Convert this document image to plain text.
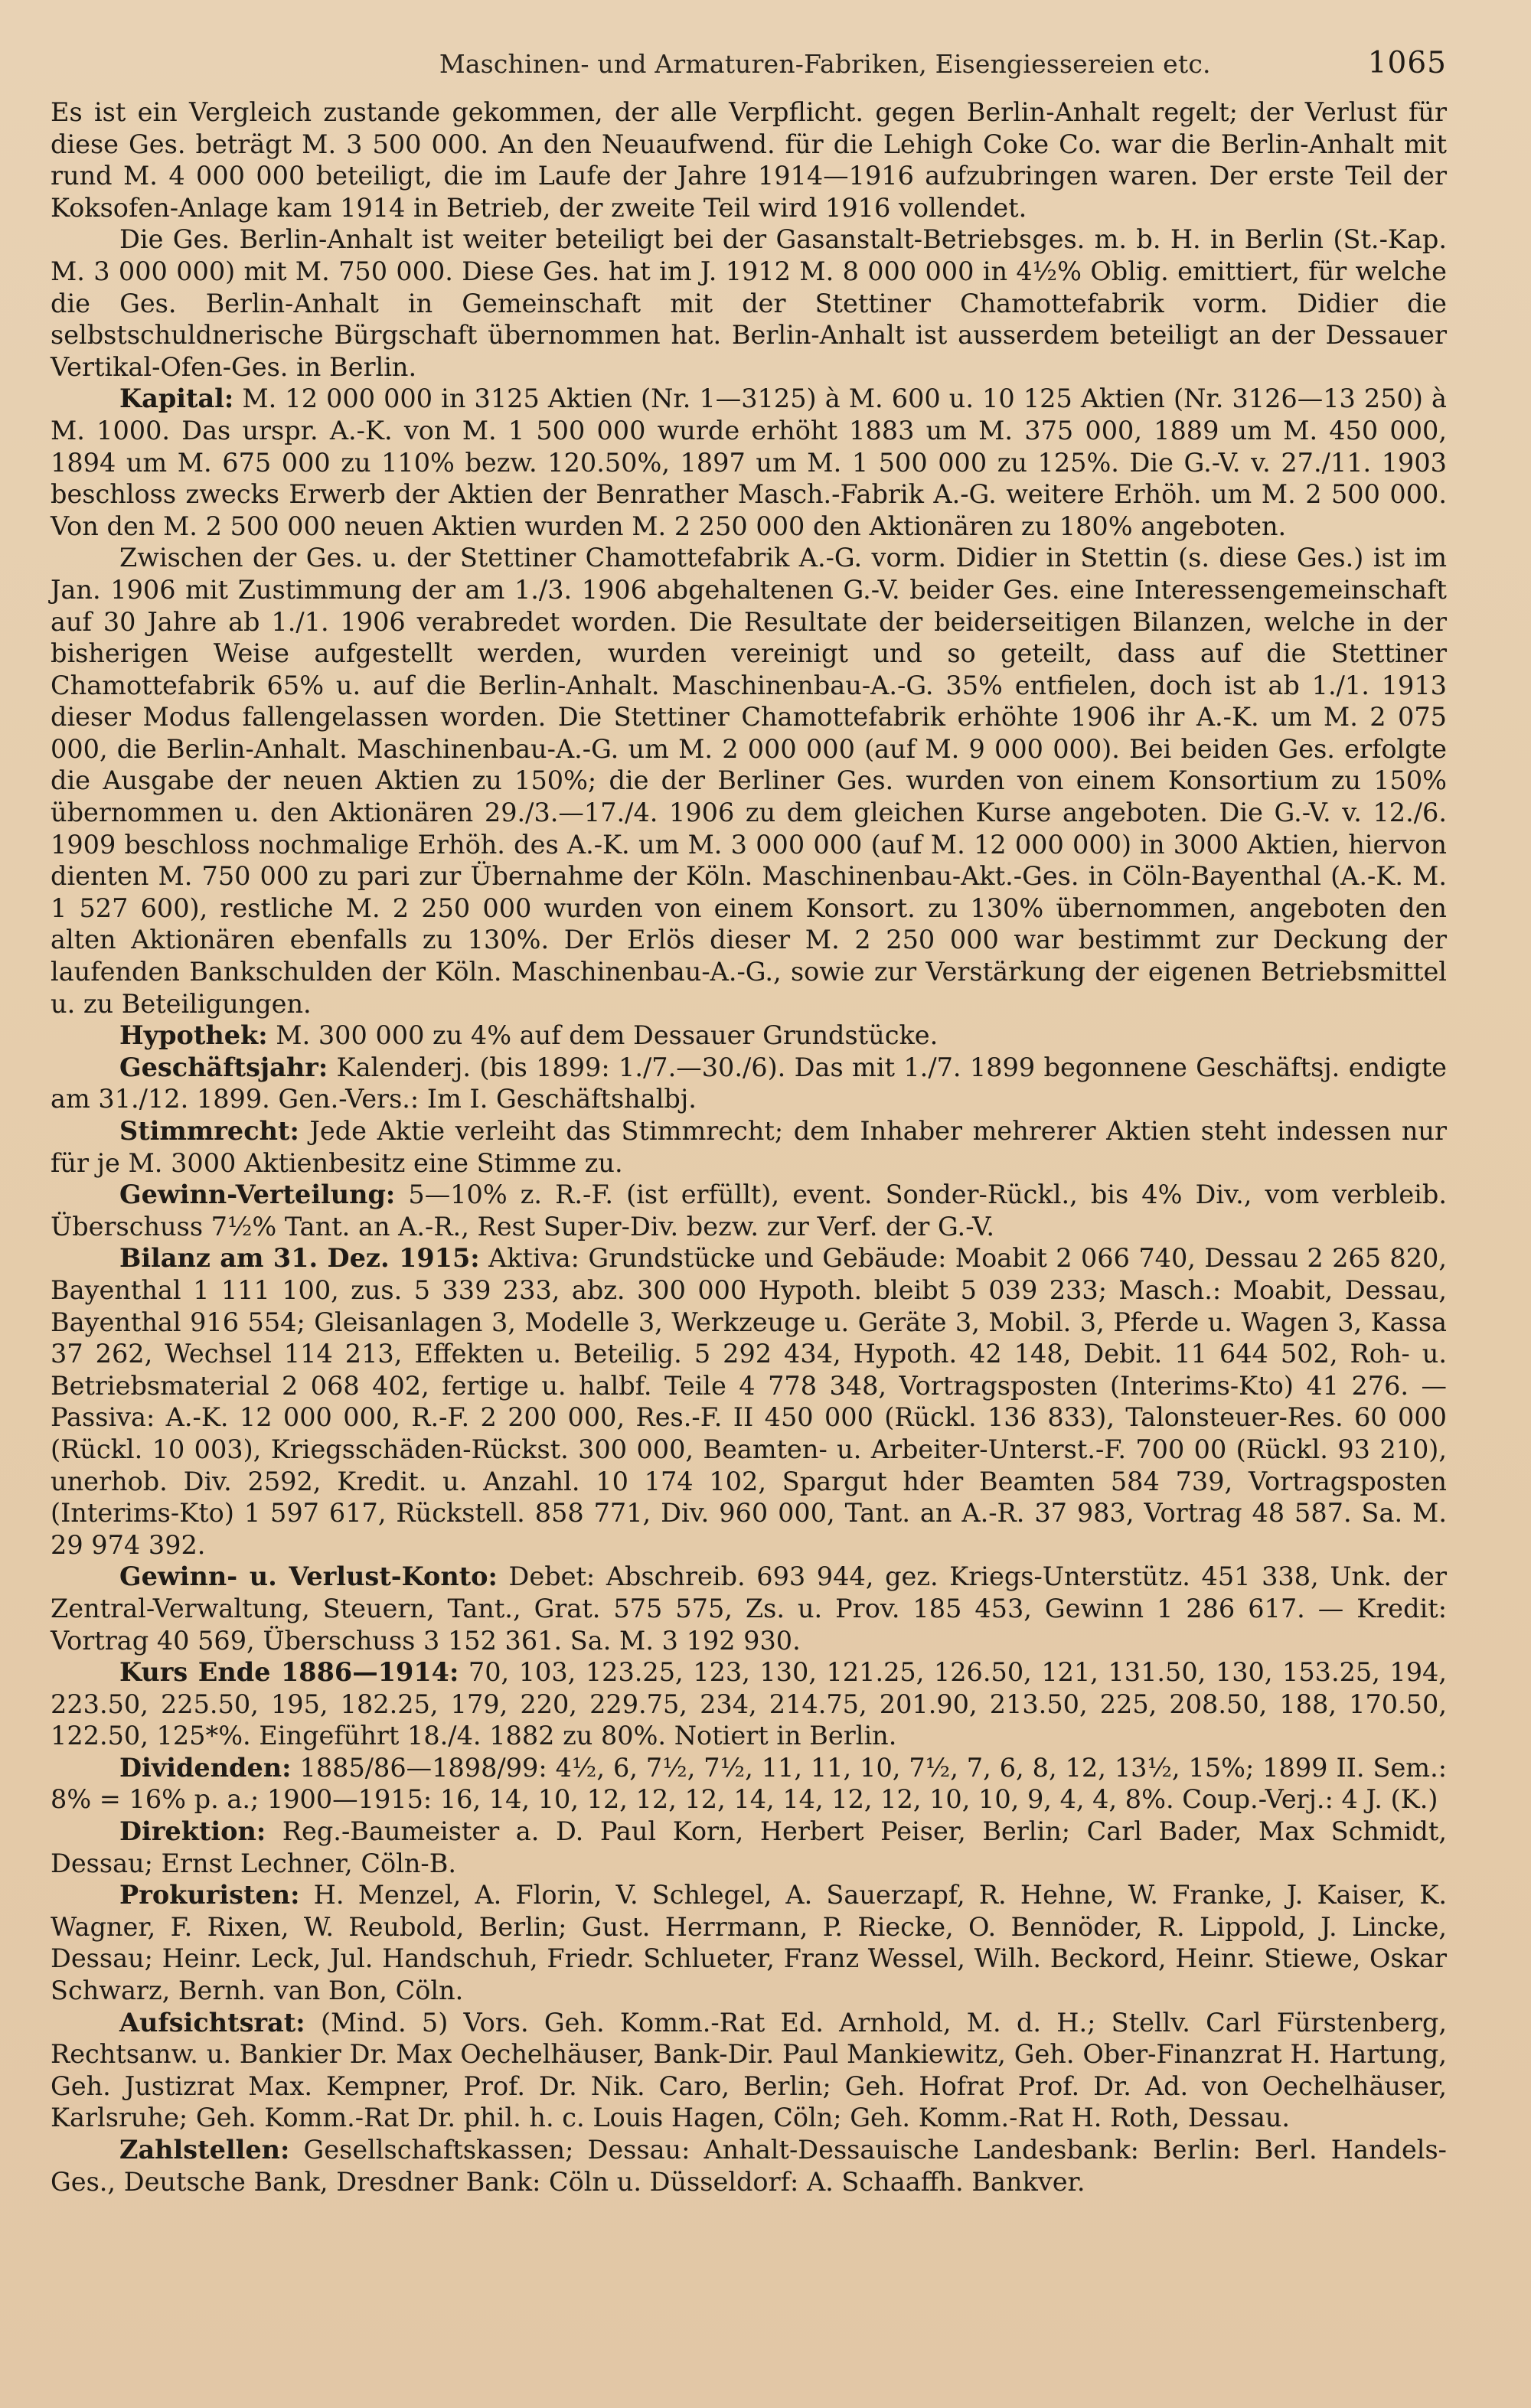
Maschinen- und Armaturen-Fabriken, Eisengiessereien etc.	1065

Es ist ein Vergleich zustande gekommen, der alle Verpflicht. gegen Berlin-Anhalt regelt; der Verlust für diese Ges. beträgt M. 3 500 000. An den Neuaufwend. für die Lehigh Coke Co. war die Berlin-Anhalt mit rund M. 4 000 000 beteiligt, die im Laufe der Jahre 1914—1916 aufzubringen waren. Der erste Teil der Koksofen-Anlage kam 1914 in Betrieb, der zweite Teil wird 1916 vollendet.

Die Ges. Berlin-Anhalt ist weiter beteiligt bei der Gasanstalt-Betriebsges. m. b. H. in Berlin (St.-Kap. M. 3 000 000) mit M. 750 000. Diese Ges. hat im J. 1912 M. 8 000 000 in 4½% Oblig. emittiert, für welche die Ges. Berlin-Anhalt in Gemeinschaft mit der Stettiner Chamottefabrik vorm. Didier die selbstschuldnerische Bürgschaft übernommen hat. Berlin-Anhalt ist ausserdem beteiligt an der Dessauer Vertikal-Ofen-Ges. in Berlin.

Kapital: M. 12 000 000 in 3125 Aktien (Nr. 1—3125) à M. 600 u. 10 125 Aktien (Nr. 3126—13 250) à M. 1000. Das urspr. A.-K. von M. 1 500 000 wurde erhöht 1883 um M. 375 000, 1889 um M. 450 000, 1894 um M. 675 000 zu 110% bezw. 120.50%, 1897 um M. 1 500 000 zu 125%. Die G.-V. v. 27./11. 1903 beschloss zwecks Erwerb der Aktien der Benrather Masch.-Fabrik A.-G. weitere Erhöh. um M. 2 500 000. Von den M. 2 500 000 neuen Aktien wurden M. 2 250 000 den Aktionären zu 180% angeboten.

Zwischen der Ges. u. der Stettiner Chamottefabrik A.-G. vorm. Didier in Stettin (s. diese Ges.) ist im Jan. 1906 mit Zustimmung der am 1./3. 1906 abgehaltenen G.-V. beider Ges. eine Interessengemeinschaft auf 30 Jahre ab 1./1. 1906 verabredet worden. Die Resultate der beiderseitigen Bilanzen, welche in der bisherigen Weise aufgestellt werden, wurden vereinigt und so geteilt, dass auf die Stettiner Chamottefabrik 65% u. auf die Berlin-Anhalt. Maschinenbau-A.-G. 35% entfielen, doch ist ab 1./1. 1913 dieser Modus fallengelassen worden. Die Stettiner Chamottefabrik erhöhte 1906 ihr A.-K. um M. 2 075 000, die Berlin-Anhalt. Maschinenbau-A.-G. um M. 2 000 000 (auf M. 9 000 000). Bei beiden Ges. erfolgte die Ausgabe der neuen Aktien zu 150%; die der Berliner Ges. wurden von einem Konsortium zu 150% übernommen u. den Aktionären 29./3.—17./4. 1906 zu dem gleichen Kurse angeboten. Die G.-V. v. 12./6. 1909 beschloss nochmalige Erhöh. des A.-K. um M. 3 000 000 (auf M. 12 000 000) in 3000 Aktien, hiervon dienten M. 750 000 zu pari zur Übernahme der Köln. Maschinenbau-Akt.-Ges. in Cöln-Bayenthal (A.-K. M. 1 527 600), restliche M. 2 250 000 wurden von einem Konsort. zu 130% übernommen, angeboten den alten Aktionären ebenfalls zu 130%. Der Erlös dieser M. 2 250 000 war bestimmt zur Deckung der laufenden Bankschulden der Köln. Maschinenbau-A.-G., sowie zur Verstärkung der eigenen Betriebsmittel u. zu Beteiligungen.

Hypothek: M. 300 000 zu 4% auf dem Dessauer Grundstücke.

Geschäftsjahr: Kalenderj. (bis 1899: 1./7.—30./6). Das mit 1./7. 1899 begonnene Geschäftsj. endigte am 31./12. 1899. Gen.-Vers.: Im I. Geschäftshalbj.

Stimmrecht: Jede Aktie verleiht das Stimmrecht; dem Inhaber mehrerer Aktien steht indessen nur für je M. 3000 Aktienbesitz eine Stimme zu.

Gewinn-Verteilung: 5—10% z. R.-F. (ist erfüllt), event. Sonder-Rückl., bis 4% Div., vom verbleib. Überschuss 7½% Tant. an A.-R., Rest Super-Div. bezw. zur Verf. der G.-V.

Bilanz am 31. Dez. 1915: Aktiva: Grundstücke und Gebäude: Moabit 2 066 740, Dessau 2 265 820, Bayenthal 1 111 100, zus. 5 339 233, abz. 300 000 Hypoth. bleibt 5 039 233; Masch.: Moabit, Dessau, Bayenthal 916 554; Gleisanlagen 3, Modelle 3, Werkzeuge u. Geräte 3, Mobil. 3, Pferde u. Wagen 3, Kassa 37 262, Wechsel 114 213, Effekten u. Beteilig. 5 292 434, Hypoth. 42 148, Debit. 11 644 502, Roh- u. Betriebsmaterial 2 068 402, fertige u. halbf. Teile 4 778 348, Vortragsposten (Interims-Kto) 41 276. — Passiva: A.-K. 12 000 000, R.-F. 2 200 000, Res.-F. II 450 000 (Rückl. 136 833), Talonsteuer-Res. 60 000 (Rückl. 10 003), Kriegsschäden-Rückst. 300 000, Beamten- u. Arbeiter-Unterst.-F. 700 00 (Rückl. 93 210), unerhob. Div. 2592, Kredit. u. Anzahl. 10 174 102, Spargut hder Beamten 584 739, Vortragsposten (Interims-Kto) 1 597 617, Rückstell. 858 771, Div. 960 000, Tant. an A.-R. 37 983, Vortrag 48 587. Sa. M. 29 974 392.

Gewinn- u. Verlust-Konto: Debet: Abschreib. 693 944, gez. Kriegs-Unterstütz. 451 338, Unk. der Zentral-Verwaltung, Steuern, Tant., Grat. 575 575, Zs. u. Prov. 185 453, Gewinn 1 286 617. — Kredit: Vortrag 40 569, Überschuss 3 152 361. Sa. M. 3 192 930.

Kurs Ende 1886—1914: 70, 103, 123.25, 123, 130, 121.25, 126.50, 121, 131.50, 130, 153.25, 194, 223.50, 225.50, 195, 182.25, 179, 220, 229.75, 234, 214.75, 201.90, 213.50, 225, 208.50, 188, 170.50, 122.50, 125*%. Eingeführt 18./4. 1882 zu 80%. Notiert in Berlin.

Dividenden: 1885/86—1898/99: 4½, 6, 7½, 7½, 11, 11, 10, 7½, 7, 6, 8, 12, 13½, 15%; 1899 II. Sem.: 8% = 16% p. a.; 1900—1915: 16, 14, 10, 12, 12, 12, 14, 14, 12, 12, 10, 10, 9, 4, 4, 8%. Coup.-Verj.: 4 J. (K.)

Direktion: Reg.-Baumeister a. D. Paul Korn, Herbert Peiser, Berlin; Carl Bader, Max Schmidt, Dessau; Ernst Lechner, Cöln-B.

Prokuristen: H. Menzel, A. Florin, V. Schlegel, A. Sauerzapf, R. Hehne, W. Franke, J. Kaiser, K. Wagner, F. Rixen, W. Reubold, Berlin; Gust. Herrmann, P. Riecke, O. Bennöder, R. Lippold, J. Lincke, Dessau; Heinr. Leck, Jul. Handschuh, Friedr. Schlueter, Franz Wessel, Wilh. Beckord, Heinr. Stiewe, Oskar Schwarz, Bernh. van Bon, Cöln.

Aufsichtsrat: (Mind. 5) Vors. Geh. Komm.-Rat Ed. Arnhold, M. d. H.; Stellv. Carl Fürstenberg, Rechtsanw. u. Bankier Dr. Max Oechelhäuser, Bank-Dir. Paul Mankiewitz, Geh. Ober-Finanzrat H. Hartung, Geh. Justizrat Max. Kempner, Prof. Dr. Nik. Caro, Berlin; Geh. Hofrat Prof. Dr. Ad. von Oechelhäuser, Karlsruhe; Geh. Komm.-Rat Dr. phil. h. c. Louis Hagen, Cöln; Geh. Komm.-Rat H. Roth, Dessau.

Zahlstellen: Gesellschaftskassen; Dessau: Anhalt-Dessauische Landesbank: Berlin: Berl. Handels-Ges., Deutsche Bank, Dresdner Bank: Cöln u. Düsseldorf: A. Schaaffh. Bankver.
